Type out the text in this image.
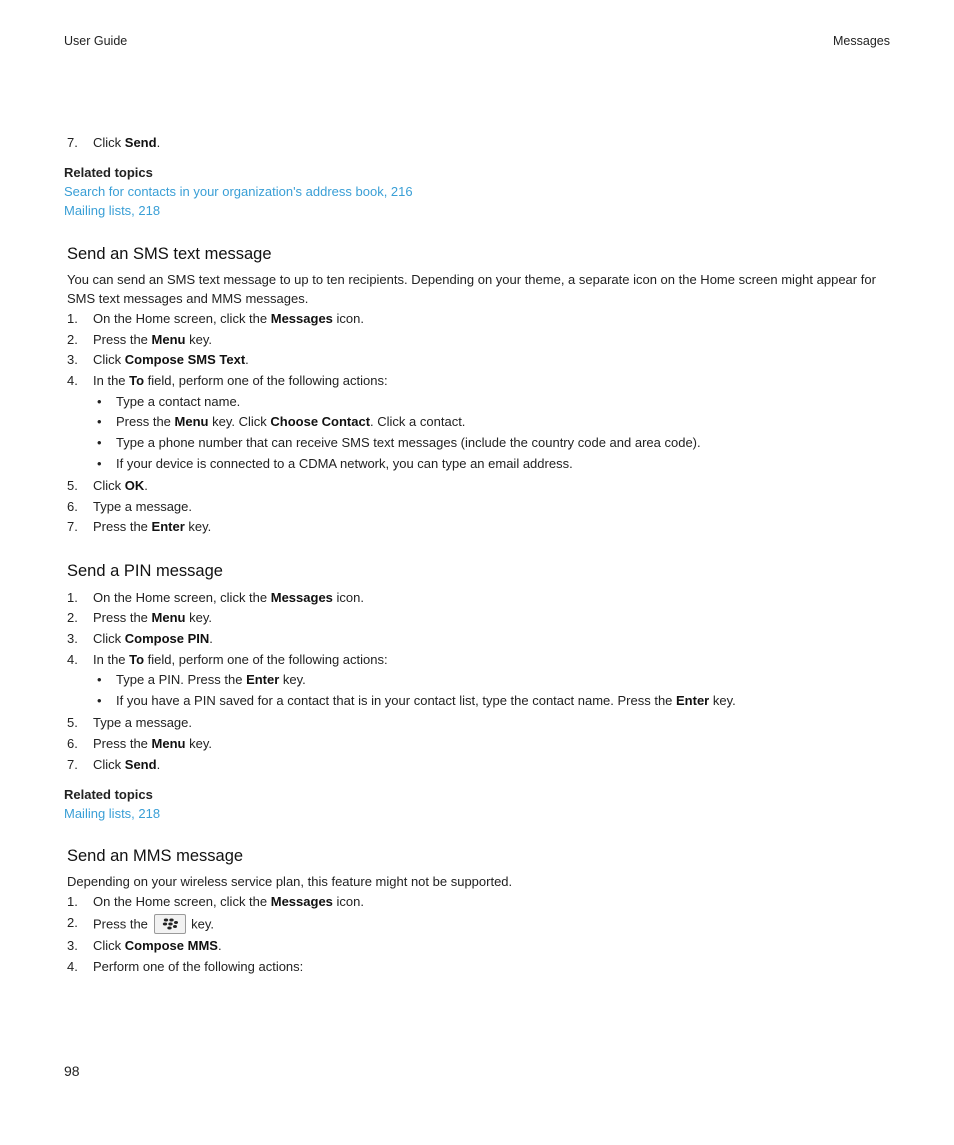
User Guide	Messages
7. Click Send.
Related topics
Search for contacts in your organization's address book, 216
Mailing lists, 218
Send an SMS text message
You can send an SMS text message to up to ten recipients. Depending on your theme, a separate icon on the Home screen might appear for SMS text messages and MMS messages.
1. On the Home screen, click the Messages icon.
2. Press the Menu key.
3. Click Compose SMS Text.
4. In the To field, perform one of the following actions:
• Type a contact name.
• Press the Menu key. Click Choose Contact. Click a contact.
• Type a phone number that can receive SMS text messages (include the country code and area code).
• If your device is connected to a CDMA network, you can type an email address.
5. Click OK.
6. Type a message.
7. Press the Enter key.
Send a PIN message
1. On the Home screen, click the Messages icon.
2. Press the Menu key.
3. Click Compose PIN.
4. In the To field, perform one of the following actions:
• Type a PIN. Press the Enter key.
• If you have a PIN saved for a contact that is in your contact list, type the contact name. Press the Enter key.
5. Type a message.
6. Press the Menu key.
7. Click Send.
Related topics
Mailing lists, 218
Send an MMS message
Depending on your wireless service plan, this feature might not be supported.
1. On the Home screen, click the Messages icon.
2. Press the	key.
3. Click Compose MMS.
4. Perform one of the following actions:
98
